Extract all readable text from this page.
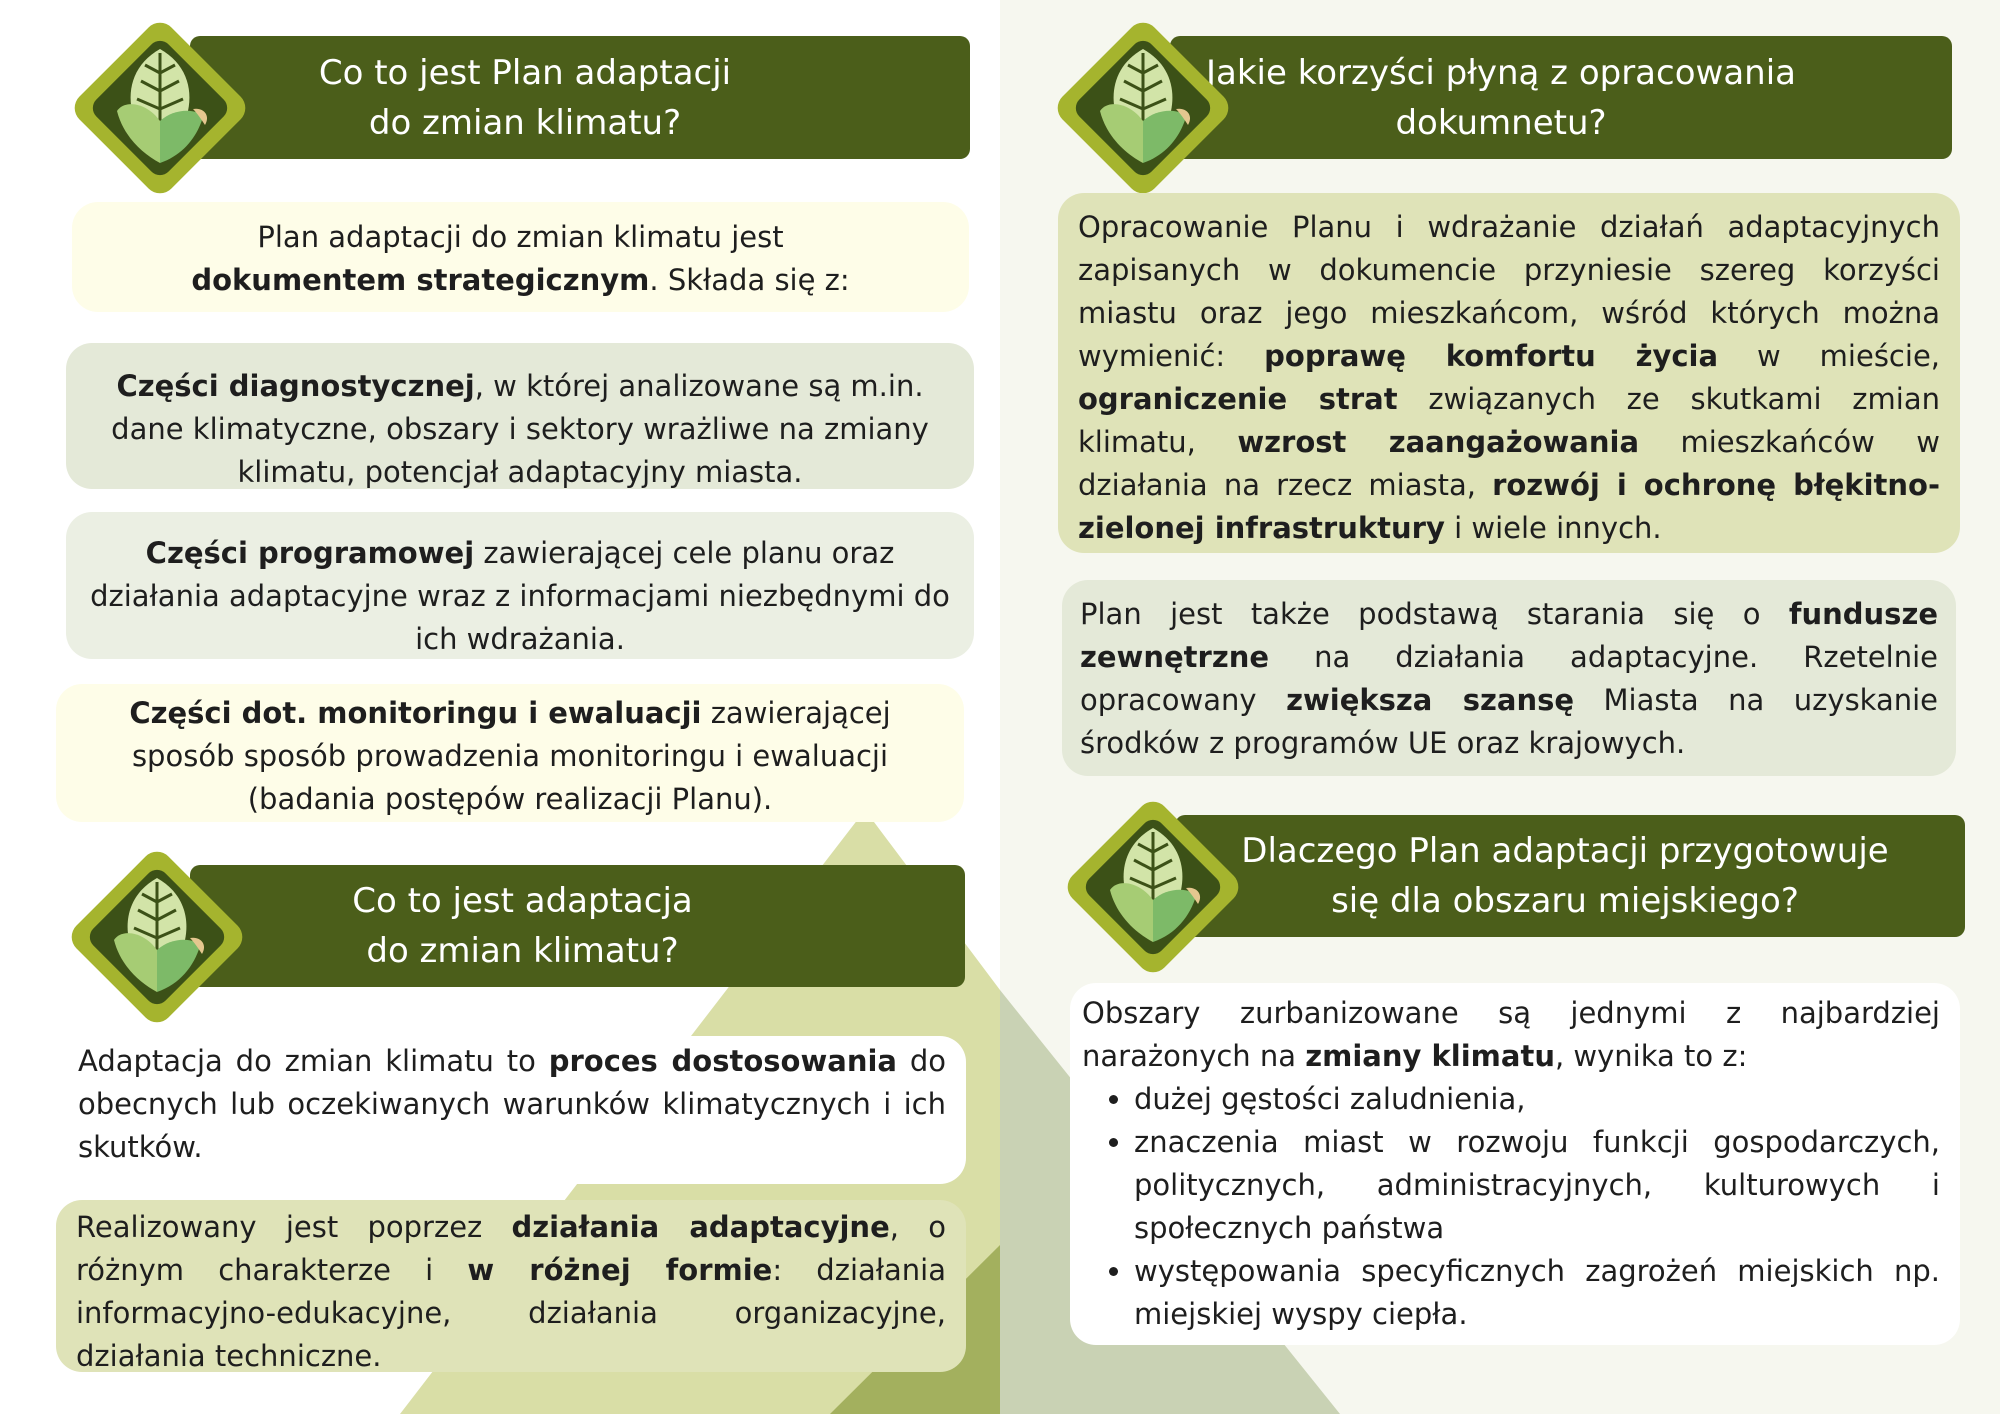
Co to jest Plan adaptacji
do zmian klimatu?

Plan adaptacji do zmian klimatu jest dokumentem strategicznym. Składa się z:

Części diagnostycznej, w której analizowane są m.in. dane klimatyczne, obszary i sektory wrażliwe na zmiany klimatu, potencjał adaptacyjny miasta.

Części programowej zawierającej cele planu oraz działania adaptacyjne wraz z informacjami niezbędnymi do ich wdrażania.

Części dot. monitoringu i ewaluacji zawierającej sposób sposób prowadzenia monitoringu i ewaluacji (badania postępów realizacji Planu).

Co to jest adaptacja
do zmian klimatu?

Adaptacja do zmian klimatu to proces dostosowania do obecnych lub oczekiwanych warunków klimatycznych i ich skutków.

Realizowany jest poprzez działania adaptacyjne, o różnym charakterze i w różnej formie: działania informacyjno-edukacyjne, działania organizacyjne, działania techniczne.

Jakie korzyści płyną z opracowania
dokumnetu?

Opracowanie Planu i wdrażanie działań adaptacyjnych zapisanych w dokumencie przyniesie szereg korzyści miastu oraz jego mieszkańcom, wśród których można wymienić: poprawę komfortu życia w mieście, ograniczenie strat związanych ze skutkami zmian klimatu, wzrost zaangażowania mieszkańców w działania na rzecz miasta, rozwój i ochronę błękitno-zielonej infrastruktury i wiele innych.

Plan jest także podstawą starania się o fundusze zewnętrzne na działania adaptacyjne. Rzetelnie opracowany zwiększa szansę Miasta na uzyskanie środków z programów UE oraz krajowych.

Dlaczego Plan adaptacji przygotowuje
się dla obszaru miejskiego?

Obszary zurbanizowane są jednymi z najbardziej narażonych na zmiany klimatu, wynika to z:

• dużej gęstości zaludnienia,
• znaczenia miast w rozwoju funkcji gospodarczych, politycznych, administracyjnych, kulturowych i społecznych państwa
• występowania specyficznych zagrożeń miejskich np. miejskiej wyspy ciepła.
